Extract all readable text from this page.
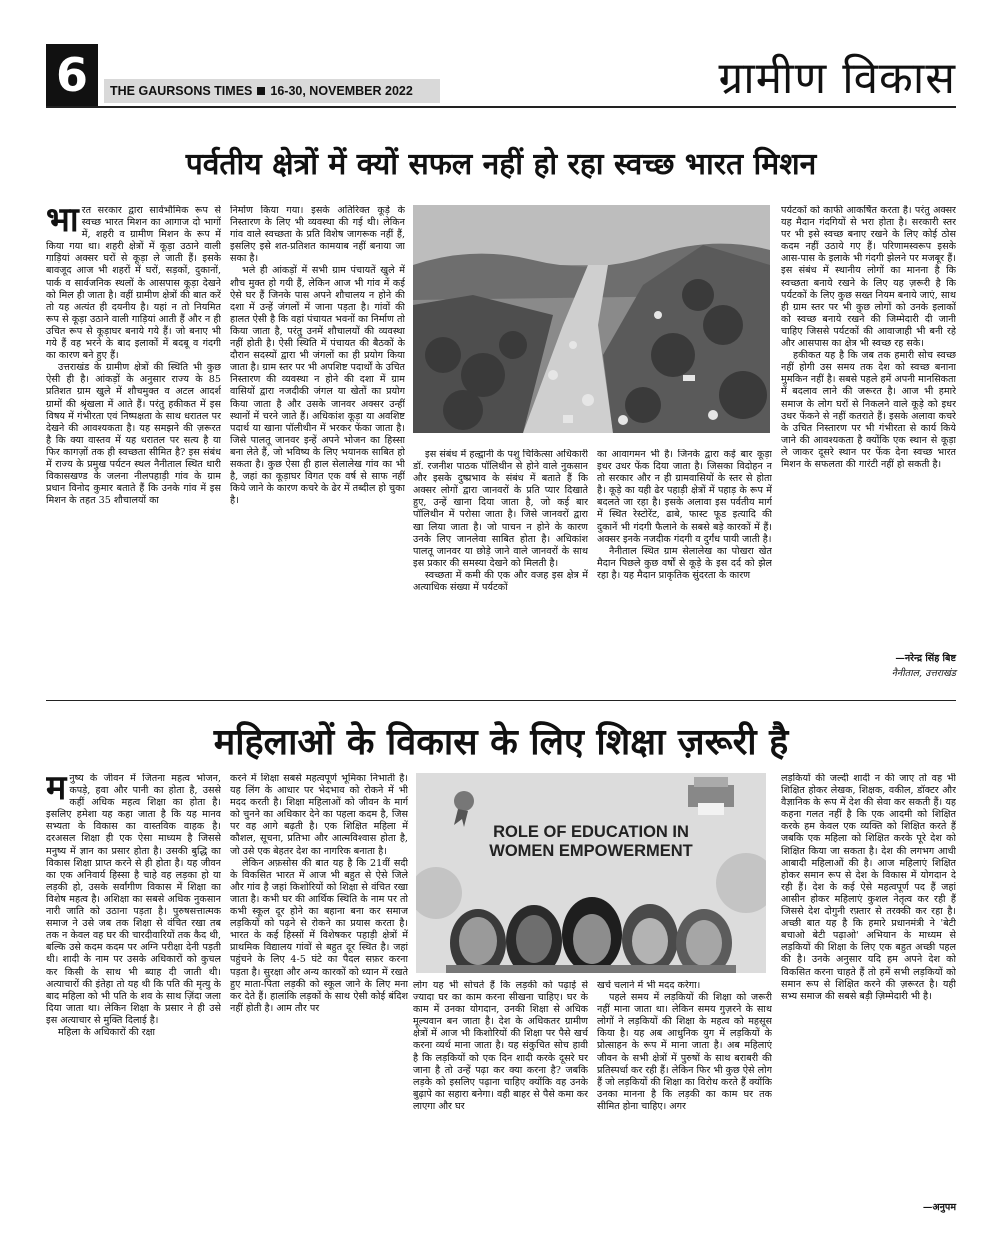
6	THE GAURSONS TIMES 16-30, NOVEMBER 2022	ग्रामीण विकास
पर्वतीय क्षेत्रों में क्यों सफल नहीं हो रहा स्वच्छ भारत मिशन

भारत सरकार द्वारा सार्वभौमिक रूप से स्वच्छ भारत मिशन का आगाज दो भागों में, शहरी व ग्रामीण मिशन के रूप में किया गया था। शहरी क्षेत्रों में कूड़ा उठाने वाली गाड़ियां अक्सर घरों से कूड़ा ले जाती हैं। इसके बावजूद आज भी शहरों में घरों, सड़कों, दुकानों, पार्क व सार्वजनिक स्थलों के आसपास कूड़ा देखने को मिल ही जाता है। वहीं ग्रामीण क्षेत्रों की बात करें तो यह अत्यंत ही दयनीय है। यहां न तो नियमित रूप से कूड़ा उठाने वाली गाड़ियां आती हैं और न ही उचित रूप से कूड़ाघर बनाये गये हैं। जो बनाए भी गये हैं वह भरने के बाद इलाकों में बदबू व गंदगी का कारण बने हुए हैं।

उत्तराखंड के ग्रामीण क्षेत्रों की स्थिति भी कुछ ऐसी ही है। आंकड़ों के अनुसार राज्य के 85 प्रतिशत ग्राम खुले में शौचमुक्त व अटल आदर्श ग्रामों की श्रृंखला में आते हैं। परंतु हकीकत में इस विषय में गंभीरता एवं निष्पक्षता के साथ धरातल पर देखने की आवश्यकता है। यह समझने की ज़रूरत है कि क्या वास्तव में यह धरातल पर सत्य है या फिर कागज़ों तक ही स्वच्छता सीमित है? इस संबंध में राज्य के प्रमुख पर्यटन स्थल नैनीताल स्थित धारी विकासखण्ड के जलना नीलपहाड़ी गांव के ग्राम प्रधान विनोद कुमार बताते हैं कि उनके गांव में इस मिशन के तहत 35 शौचालयों का

निर्माण किया गया। इसके अतिरिक्त कूड़े के निस्तारण के लिए भी व्यवस्था की गई थी। लेकिन गांव वाले स्वच्छता के प्रति विशेष जागरूक नहीं हैं, इसलिए इसे शत-प्रतिशत कामयाब नहीं बनाया जा सका है।

भले ही आंकड़ों में सभी ग्राम पंचायतें खुले में शौच मुक्त हो गयी हैं, लेकिन आज भी गांव में कई ऐसे घर हैं जिनके पास अपने शौचालय न होने की दशा में उन्हें जंगलों में जाना पड़ता है। गांवों की हालत ऐसी है कि वहां पंचायत भवनों का निर्माण तो किया जाता है, परंतु उनमें शौचालयों की व्यवस्था नहीं होती है। ऐसी स्थिति में पंचायत की बैठकों के दौरान सदस्यों द्वारा भी जंगलों का ही प्रयोग किया जाता है। ग्राम स्तर पर भी अपशिष्ट पदार्थों के उचित निस्तारण की व्यवस्था न होने की दशा में ग्राम वासियों द्वारा नजदीकी जंगल या खेतों का प्रयोग किया जाता है और उसके जानवर अक्सर उन्हीं स्थानों में चरने जाते हैं। अधिकांश कूड़ा या अवशिष्ट पदार्थ या खाना पॉलीथीन में भरकर फेंका जाता है। जिसे पालतू जानवर इन्हें अपने भोजन का हिस्सा बना लेते हैं, जो भविष्य के लिए भयानक साबित हो सकता है। कुछ ऐसा ही हाल सेलालेख गांव का भी है, जहां का कूड़ाघर विगत एक वर्ष से साफ नहीं किये जाने के कारण कचरे के ढेर में तब्दील हो चुका है।

इस संबंध में हल्द्वानी के पशु चिकित्सा अधिकारी डॉ. रजनीश पाठक पॉलिथीन से होने वाले नुकसान और इसके दुष्प्रभाव के संबंध में बताते हैं कि अक्सर लोगों द्वारा जानवरों के प्रति प्यार दिखाते हुए, उन्हें खाना दिया जाता है, जो कई बार पॉलिथीन में परोसा जाता है। जिसे जानवरों द्वारा खा लिया जाता है। जो पाचन न होने के कारण उनके लिए जानलेवा साबित होता है। अधिकांश पालतू जानवर या छोड़े जाने वाले जानवरों के साथ इस प्रकार की समस्या देखने को मिलती है।

स्वच्छता में कमी की एक और वजह इस क्षेत्र में अत्याधिक संख्या में पर्यटकों

का आवागमन भी है। जिनके द्वारा कई बार कूड़ा इधर उधर फेंक दिया जाता है। जिसका विदोहन न तो सरकार और न ही ग्रामवासियों के स्तर से होता है। कूड़े का यही ढेर पहाड़ी क्षेत्रों में पहाड़ के रूप में बदलते जा रहा है। इसके अलावा इस पर्वतीय मार्ग में स्थित रेस्टोरेंट, ढाबे, फास्ट फूड इत्यादि की दुकानें भी गंदगी फैलाने के सबसे बड़े कारकों में हैं। अक्सर इनके नजदीक गंदगी व दुर्गंध पायी जाती है।

नैनीताल स्थित ग्राम सेलालेख का पोखरा खेत मैदान पिछले कुछ वर्षों से कूड़े के इस दर्द को झेल रहा है। यह मैदान प्राकृतिक सुंदरता के कारण

पर्यटकों को काफी आकर्षित करता है। परंतु अक्सर यह मैदान गंदगियों से भरा होता है। सरकारी स्तर पर भी इसे स्वच्छ बनाए रखने के लिए कोई ठोस कदम नहीं उठाये गए हैं। परिणामस्वरूप इसके आस-पास के इलाके भी गंदगी झेलने पर मजबूर हैं। इस संबंध में स्थानीय लोगों का मानना है कि स्वच्छता बनाये रखने के लिए यह ज़रूरी है कि पर्यटकों के लिए कुछ सख्त नियम बनाये जाएं, साथ ही ग्राम स्तर पर भी कुछ लोगों को उनके इलाकों को स्वच्छ बनाये रखने की जिम्मेदारी दी जानी चाहिए जिससे पर्यटकों की आवाजाही भी बनी रहे और आसपास का क्षेत्र भी स्वच्छ रह सके।

हकीकत यह है कि जब तक हमारी सोच स्वच्छ नहीं होगी उस समय तक देश को स्वच्छ बनाना मुमकिन नहीं है। सबसे पहले हमें अपनी मानसिकता में बदलाव लाने की जरूरत है। आज भी हमारे समाज के लोग घरों से निकलने वाले कूड़े को इधर उधर फेंकने से नहीं कतराते हैं। इसके अलावा कचरे के उचित निस्तारण पर भी गंभीरता से कार्य किये जाने की आवश्यकता है क्योंकि एक स्थान से कूड़ा ले जाकर दूसरे स्थान पर फेंक देना स्वच्छ भारत मिशन के सफलता की गारंटी नहीं हो सकती है।

—नरेन्द्र सिंह बिष्ट
नैनीताल, उत्तराखंड
महिलाओं के विकास के लिए शिक्षा ज़रूरी है

मनुष्य के जीवन में जितना महत्व भोजन, कपड़े, हवा और पानी का होता है, उससे कहीं अधिक महत्व शिक्षा का होता है। इसलिए हमेशा यह कहा जाता है कि यह मानव सभ्यता के विकास का वास्तविक वाहक है। दरअसल शिक्षा ही एक ऐसा माध्यम है जिससे मनुष्य में ज्ञान का प्रसार होता है। उसकी बुद्धि का विकास शिक्षा प्राप्त करने से ही होता है। यह जीवन का एक अनिवार्य हिस्सा है चाहे वह लड़का हो या लड़की हो, उसके सर्वांगीण विकास में शिक्षा का विशेष महत्व है। अशिक्षा का सबसे अधिक नुकसान नारी जाति को उठाना पड़ता है। पुरुषसत्तात्मक समाज ने उसे जब तक शिक्षा से वंचित रखा तब तक न केवल वह घर की चारदीवारियों तक कैद थी, बल्कि उसे कदम कदम पर अग्नि परीक्षा देनी पड़ती थी। शादी के नाम पर उसके अधिकारों को कुचल कर किसी के साथ भी ब्याह दी जाती थी। अत्याचारों की इंतेहा तो यह थी कि पति की मृत्यु के बाद महिला को भी पति के शव के साथ ज़िंदा जला दिया जाता था। लेकिन शिक्षा के प्रसार ने ही उसे इस अत्याचार से मुक्ति दिलाई है।

महिला के अधिकारों की रक्षा

करने में शिक्षा सबसे महत्वपूर्ण भूमिका निभाती है। यह लिंग के आधार पर भेदभाव को रोकने में भी मदद करती है। शिक्षा महिलाओं को जीवन के मार्ग को चुनने का अधिकार देने का पहला कदम है, जिस पर वह आगे बढ़ती है। एक शिक्षित महिला में कौशल, सूचना, प्रतिभा और आत्मविश्वास होता है, जो उसे एक बेहतर देश का नागरिक बनाता है।

लेकिन अफ़सोस की बात यह है कि 21वीं सदी के विकसित भारत में आज भी बहुत से ऐसे जिले और गांव है जहां किशोरियों को शिक्षा से वंचित रखा जाता है। कभी घर की आर्थिक स्थिति के नाम पर तो कभी स्कूल दूर होने का बहाना बना कर समाज लड़कियों को पढ़ने से रोकने का प्रयास करता है। भारत के कई हिस्सों में विशेषकर पहाड़ी क्षेत्रों में प्राथमिक विद्यालय गांवों से बहुत दूर स्थित है। जहां पहुंचने के लिए 4-5 घंटे का पैदल सफ़र करना पड़ता है। सुरक्षा और अन्य कारकों को ध्यान में रखते हुए माता-पिता लड़की को स्कूल जाने के लिए मना कर देते हैं। हालांकि लड़कों के साथ ऐसी कोई बंदिश नहीं होती है। आम तौर पर

ROLE OF EDUCATION IN WOMEN EMPOWERMENT

लोग यह भी सोचते हैं कि लड़की को पढ़ाई से ज्यादा घर का काम करना सीखना चाहिए। घर के काम में उनका योगदान, उनकी शिक्षा से अधिक मूल्यवान बन जाता है। देश के अधिकतर ग्रामीण क्षेत्रों में आज भी किशोरियों की शिक्षा पर पैसे खर्च करना व्यर्थ माना जाता है। यह संकुचित सोच हावी है कि लड़कियों को एक दिन शादी करके दूसरे घर जाना है तो उन्हें पढ़ा कर क्या करना है? जबकि लड़के को इसलिए पढ़ाना चाहिए क्योंकि वह उनके बुढ़ापे का सहारा बनेगा। वही बाहर से पैसे कमा कर लाएगा और घर

खर्च चलाने में भी मदद करेगा।

पहले समय में लड़कियों की शिक्षा को जरूरी नहीं माना जाता था। लेकिन समय गुज़रने के साथ लोगों ने लड़कियों की शिक्षा के महत्व को महसूस किया है। यह अब आधुनिक युग में लड़कियों के प्रोत्साहन के रूप में माना जाता है। अब महिलाएं जीवन के सभी क्षेत्रों में पुरुषों के साथ बराबरी की प्रतिस्पर्धा कर रही हैं। लेकिन फिर भी कुछ ऐसे लोग हैं जो लड़कियों की शिक्षा का विरोध करते हैं क्योंकि उनका मानना है कि लड़की का काम घर तक सीमित होना चाहिए। अगर

लड़कियों की जल्दी शादी न की जाए तो वह भी शिक्षित होकर लेखक, शिक्षक, वकील, डॉक्टर और वैज्ञानिक के रूप में देश की सेवा कर सकती हैं। यह कहना गलत नहीं है कि एक आदमी को शिक्षित करके हम केवल एक व्यक्ति को शिक्षित करते हैं जबकि एक महिला को शिक्षित करके पूरे देश को शिक्षित किया जा सकता है। देश की लगभग आधी आबादी महिलाओं की है। आज महिलाएं शिक्षित होकर समान रूप से देश के विकास में योगदान दे रही हैं। देश के कई ऐसे महत्वपूर्ण पद हैं जहां आसीन होकर महिलाएं कुशल नेतृत्व कर रही हैं जिससे देश दोगुनी रफ़्तार से तरक्की कर रहा है। अच्छी बात यह है कि हमारे प्रधानमंत्री ने 'बेटी बचाओ बेटी पढ़ाओ' अभियान के माध्यम से लड़कियों की शिक्षा के लिए एक बहुत अच्छी पहल की है। उनके अनुसार यदि हम अपने देश को विकसित करना चाहते हैं तो हमें सभी लड़कियों को समान रूप से शिक्षित करने की ज़रूरत है। यही सभ्य समाज की सबसे बड़ी ज़िम्मेदारी भी है।

—अनुपम
